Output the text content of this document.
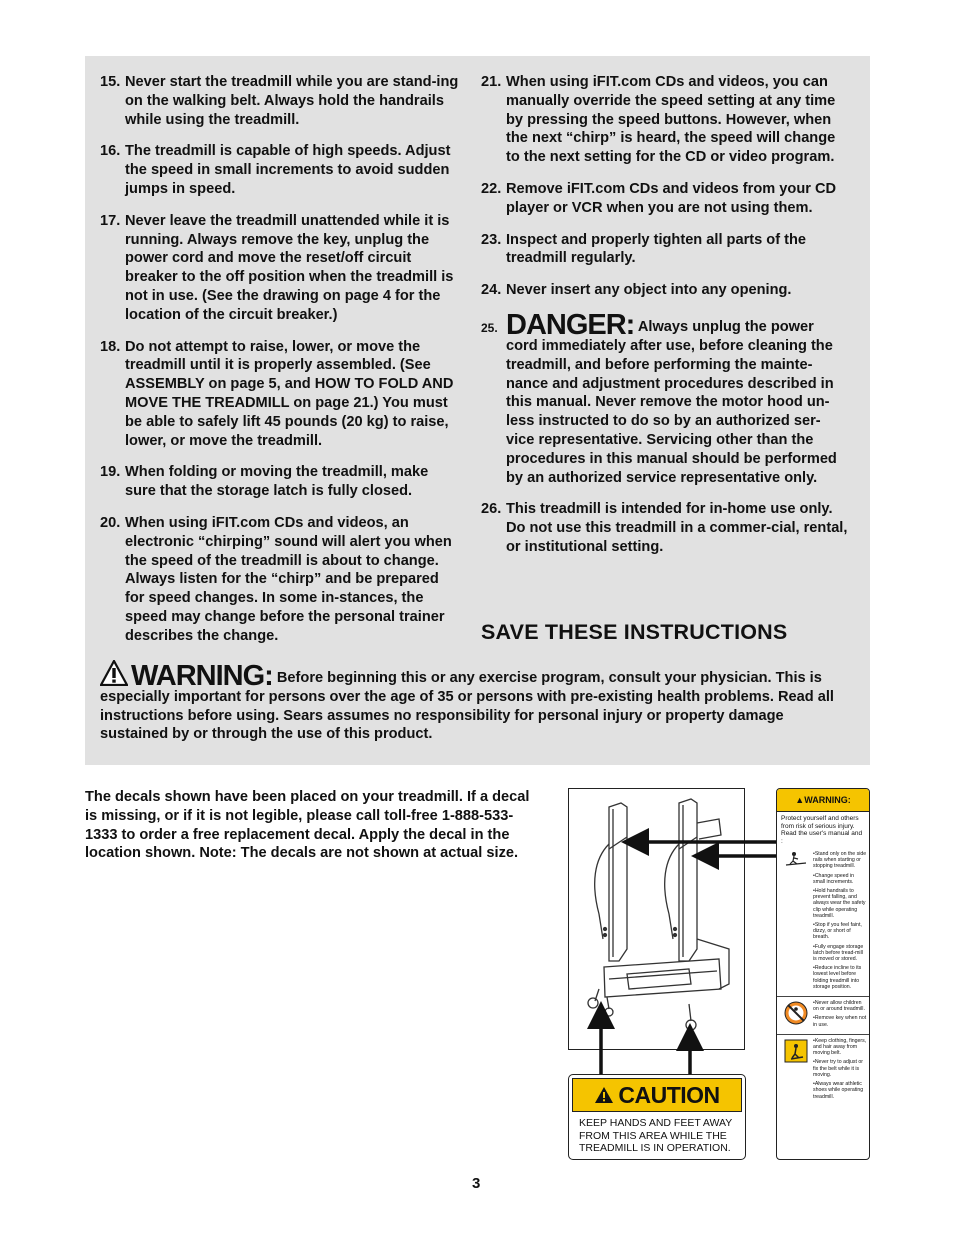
15. Never start the treadmill while you are stand-ing on the walking belt. Always hold the handrails while using the treadmill.
16. The treadmill is capable of high speeds. Adjust the speed in small increments to avoid sudden jumps in speed.
17. Never leave the treadmill unattended while it is running. Always remove the key, unplug the power cord and move the reset/off circuit breaker to the off position when the treadmill is not in use. (See the drawing on page 4 for the location of the circuit breaker.)
18. Do not attempt to raise, lower, or move the treadmill until it is properly assembled. (See ASSEMBLY on page 5, and HOW TO FOLD AND MOVE THE TREADMILL on page 21.) You must be able to safely lift 45 pounds (20 kg) to raise, lower, or move the treadmill.
19. When folding or moving the treadmill, make sure that the storage latch is fully closed.
20. When using iFIT.com CDs and videos, an electronic “chirping” sound will alert you when the speed of the treadmill is about to change. Always listen for the “chirp” and be prepared for speed changes. In some in-stances, the speed may change before the personal trainer describes the change.
21. When using iFIT.com CDs and videos, you can manually override the speed setting at any time by pressing the speed buttons. However, when the next “chirp” is heard, the speed will change to the next setting for the CD or video program.
22. Remove iFIT.com CDs and videos from your CD player or VCR when you are not using them.
23. Inspect and properly tighten all parts of the treadmill regularly.
24. Never insert any object into any opening.
25. DANGER: Always unplug the power cord immediately after use, before cleaning the treadmill, and before performing the mainte-nance and adjustment procedures described in this manual. Never remove the motor hood un-less instructed to do so by an authorized ser-vice representative. Servicing other than the procedures in this manual should be performed by an authorized service representative only.
26. This treadmill is intended for in-home use only. Do not use this treadmill in a commer-cial, rental, or institutional setting.
SAVE THESE INSTRUCTIONS
WARNING: Before beginning this or any exercise program, consult your physician. This is especially important for persons over the age of 35 or persons with pre-existing health problems. Read all instructions before using. Sears assumes no responsibility for personal injury or property damage sustained by or through the use of this product.
The decals shown have been placed on your treadmill. If a decal is missing, or if it is not legible, please call toll-free 1-888-533-1333 to order a free replacement decal. Apply the decal in the location shown. Note: The decals are not shown at actual size.
▲WARNING:
Protect yourself and others from risk of serious injury. Read the user's manual and :
•Stand only on the side rails when starting or stopping treadmill.
•Change speed in small increments.
•Hold handrails to prevent falling, and always wear the safety clip while operating treadmill.
•Stop if you feel faint, dizzy, or short of breath.
•Fully engage storage latch before tread-mill is moved or stored.
•Reduce incline to its lowest level before folding treadmill into storage position.
•Never allow children on or around treadmill.
•Remove key when not in use.
•Keep clothing, fingers, and hair away from moving belt.
•Never try to adjust or fix the belt while it is moving.
•Always wear athletic shoes while operating treadmill.
CAUTION
KEEP HANDS AND FEET AWAY FROM THIS AREA WHILE THE TREADMILL IS IN OPERATION.
3
